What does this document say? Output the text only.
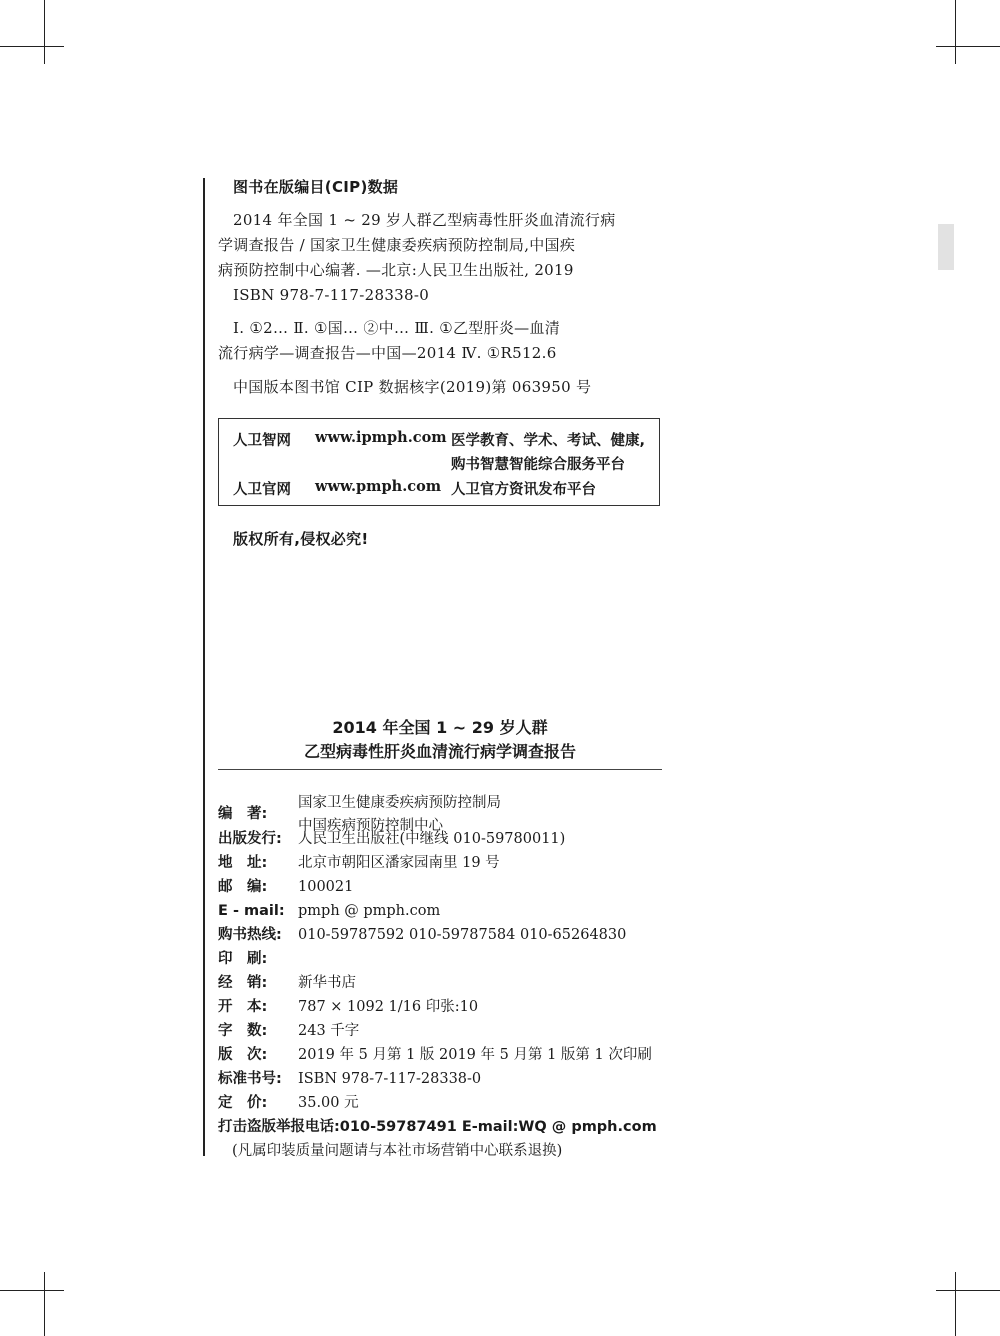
图书在版编目(CIP)数据
2014 年全国 1 ~ 29 岁人群乙型病毒性肝炎血清流行病
学调查报告 / 国家卫生健康委疾病预防控制局,中国疾
病预防控制中心编著. —北京:人民卫生出版社, 2019
ISBN 978-7-117-28338-0
Ⅰ. ①2… Ⅱ. ①国… ②中… Ⅲ. ①乙型肝炎—血清
流行病学—调查报告—中国—2014 Ⅳ. ①R512.6
中国版本图书馆 CIP 数据核字(2019)第 063950 号
人卫智网 www.ipmph.com 医学教育、学术、考试、健康,
购书智慧智能综合服务平台
人卫官网 www.pmph.com 人卫官方资讯发布平台
版权所有,侵权必究!
2014 年全国 1 ~ 29 岁人群
乙型病毒性肝炎血清流行病学调查报告
编　著:
国家卫生健康委疾病预防控制局
中国疾病预防控制中心
出版发行:	人民卫生出版社(中继线 010-59780011)
地　址:	北京市朝阳区潘家园南里 19 号
邮　编:	100021
E - mail: pmph @ pmph.com
购书热线:	010-59787592 010-59787584 010-65264830
印　刷:
经　销:	新华书店
开　本:	787 × 1092 1/16 印张:10
字　数:	243 千字
版　次:	2019 年 5 月第 1 版 2019 年 5 月第 1 版第 1 次印刷
标准书号:	ISBN 978-7-117-28338-0
定　价:	35.00 元
打击盗版举报电话:010-59787491 E-mail:WQ @ pmph.com
(凡属印装质量问题请与本社市场营销中心联系退换)
